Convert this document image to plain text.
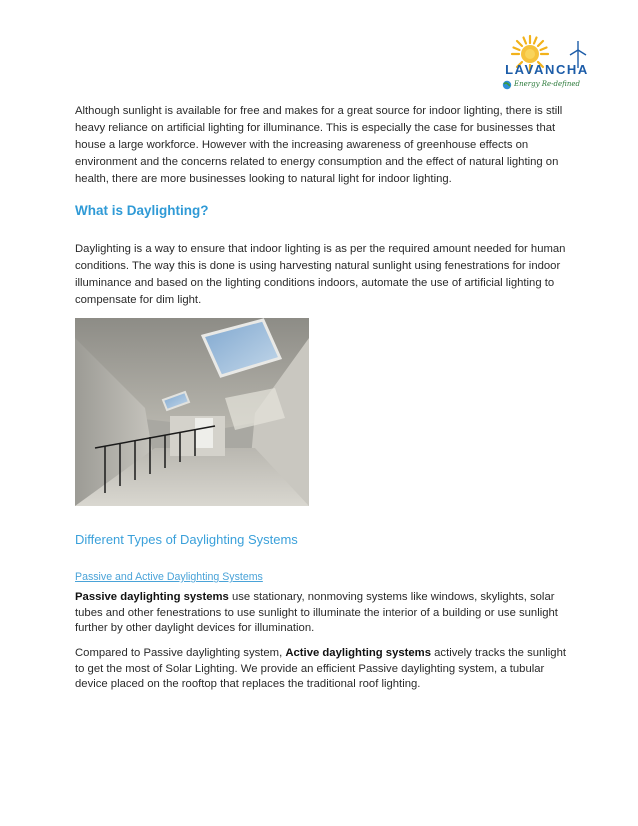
LAVANCHA
Energy Re-defined
Although sunlight is available for free and makes for a great source for indoor lighting, there is still heavy reliance on artificial lighting for illuminance. This is especially the case for businesses that house a large workforce. However with the increasing awareness of greenhouse effects on environment and the concerns related to energy consumption and the effect of natural lighting on health, there are more businesses looking to natural light for indoor lighting.
What is Daylighting?
Daylighting is a way to ensure that indoor lighting is as per the required amount needed for human conditions. The way this is done is using harvesting natural sunlight using fenestrations for indoor illuminance and based on the lighting conditions indoors, automate the use of artificial lighting to compensate for dim light.
Different Types of Daylighting Systems
Passive and Active Daylighting Systems
Passive daylighting systems use stationary, nonmoving systems like windows, skylights, solar tubes and other fenestrations to use sunlight to illuminate the interior of a building or use sunlight further by other daylight devices for illumination.
Compared to Passive daylighting system, Active daylighting systems actively tracks the sunlight to get the most of Solar Lighting. We provide an efficient Passive daylighting system, a tubular device placed on the rooftop that replaces the traditional roof lighting.
